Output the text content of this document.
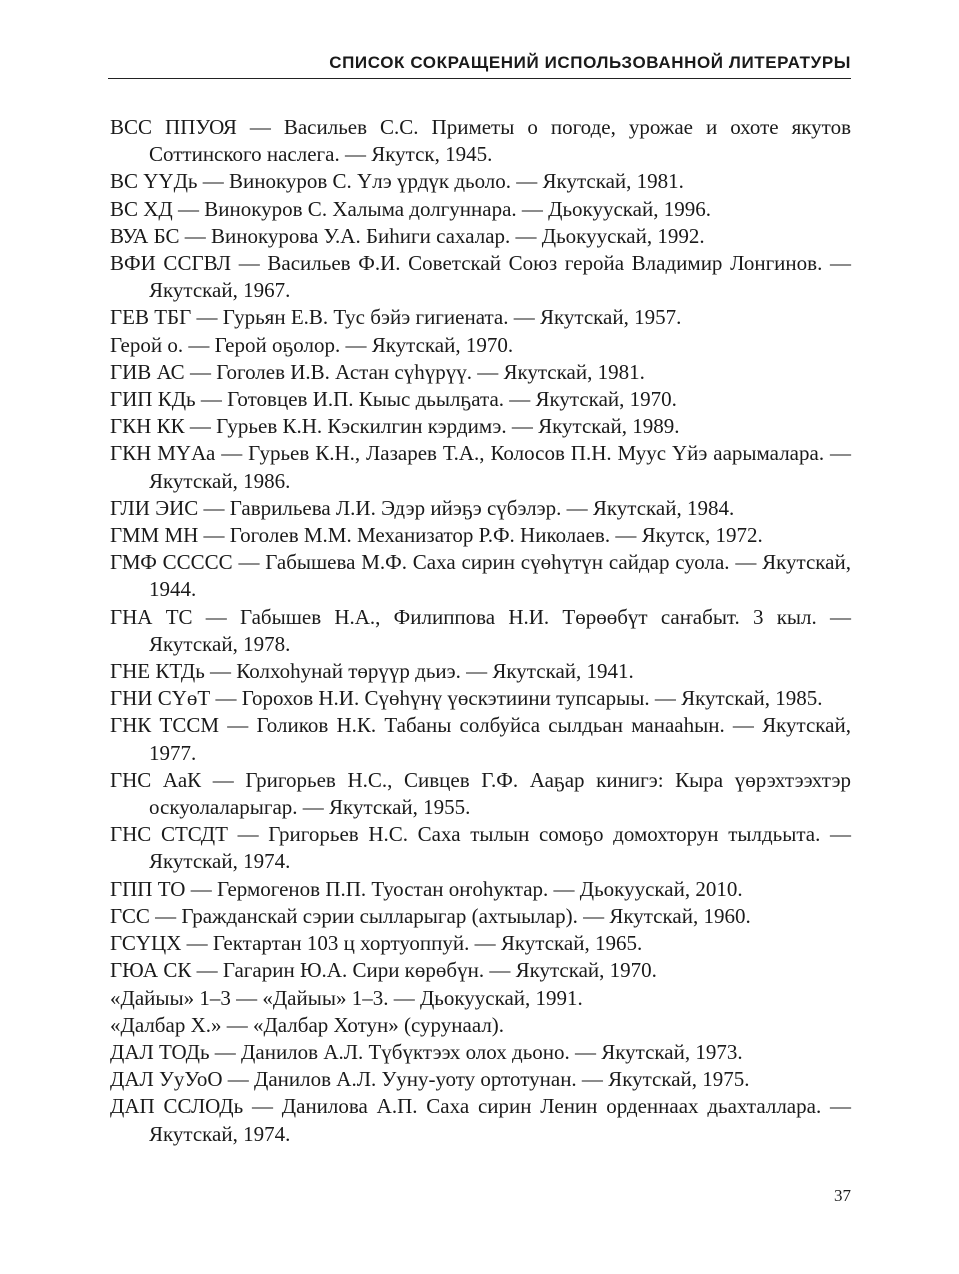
СПИСОК СОКРАЩЕНИЙ ИСПОЛЬЗОВАННОЙ ЛИТЕРАТУРЫ
ВСС ППУОЯ — Васильев С.С. Приметы о погоде, урожае и охоте якутов Соттинского наслега. — Якутск, 1945.
ВС ҮҮДь — Винокуров С. Үлэ үрдүк дьоло. — Якутскай, 1981.
ВС ХД — Винокуров С. Халыма долгуннара. — Дьокуускай, 1996.
ВУА БС — Винокурова У.А. Биһиги сахалар. — Дьокуускай, 1992.
ВФИ ССГВЛ — Васильев Ф.И. Советскай Союз геройа Владимир Лонгинов. — Якутскай, 1967.
ГЕВ ТБГ — Гурьян Е.В. Тус бэйэ гигиената. — Якутскай, 1957.
Герой о. — Герой оҕолор. — Якутскай, 1970.
ГИВ АС — Гоголев И.В. Астан сүһүрүү. — Якутскай, 1981.
ГИП КДь — Готовцев И.П. Кыыс дьылҕата. — Якутскай, 1970.
ГКН КК — Гурьев К.Н. Кэскилгин кэрдимэ. — Якутскай, 1989.
ГКН МҮАа — Гурьев К.Н., Лазарев Т.А., Колосов П.Н. Муус Үйэ аарымалара. — Якутскай, 1986.
ГЛИ ЭИС — Гаврильева Л.И. Эдэр ийэҕэ сүбэлэр. — Якутскай, 1984.
ГММ МН — Гоголев М.М. Механизатор Р.Ф. Николаев. — Якутск, 1972.
ГМФ СССCС — Габышева М.Ф. Саха сирин сүөһүтүн сайдар суола. — Якутскай, 1944.
ГНА ТС — Габышев Н.А., Филиппова Н.И. Төрөөбүт саҥабыт. 3 кыл. — Якутскай, 1978.
ГНЕ КТДь — Колхоһунай төрүүр дьиэ. — Якутскай, 1941.
ГНИ СҮөТ — Горохов Н.И. Сүөһүнү үөскэтиини тупсарыы. — Якутскай, 1985.
ГНК ТССМ — Голиков Н.К. Табаны солбуйса сылдьан манааһын. — Якутскай, 1977.
ГНС АаК — Григорьев Н.С., Сивцев Г.Ф. Ааҕар кинигэ: Кыра үөрэхтээхтэр оскуолаларыгар. — Якутскай, 1955.
ГНС СТСДТ — Григорьев Н.С. Саха тылын сомоҕо домохторун тылдьыта. — Якутскай, 1974.
ГПП ТО — Гермогенов П.П. Туостан оҥоһуктар. — Дьокуускай, 2010.
ГСС — Гражданскай сэрии сылларыгар (ахтыылар). — Якутскай, 1960.
ГСҮЦХ — Гектартан 103 ц хортуоппуй. — Якутскай, 1965.
ГЮА СК — Гагарин Ю.А. Сири көрөбүн. — Якутскай, 1970.
«Дайыы» 1–3 — «Дайыы» 1–3. — Дьокуускай, 1991.
«Далбар Х.» — «Далбар Хотун» (сурунаал).
ДАЛ ТОДь — Данилов А.Л. Түбүктээх олох дьоно. — Якутскай, 1973.
ДАЛ УуУоО — Данилов А.Л. Ууну-уоту ортотунан. — Якутскай, 1975.
ДАП ССЛОДь — Данилова А.П. Саха сирин Ленин орденнаах дьахталлара. — Якутскай, 1974.
37
